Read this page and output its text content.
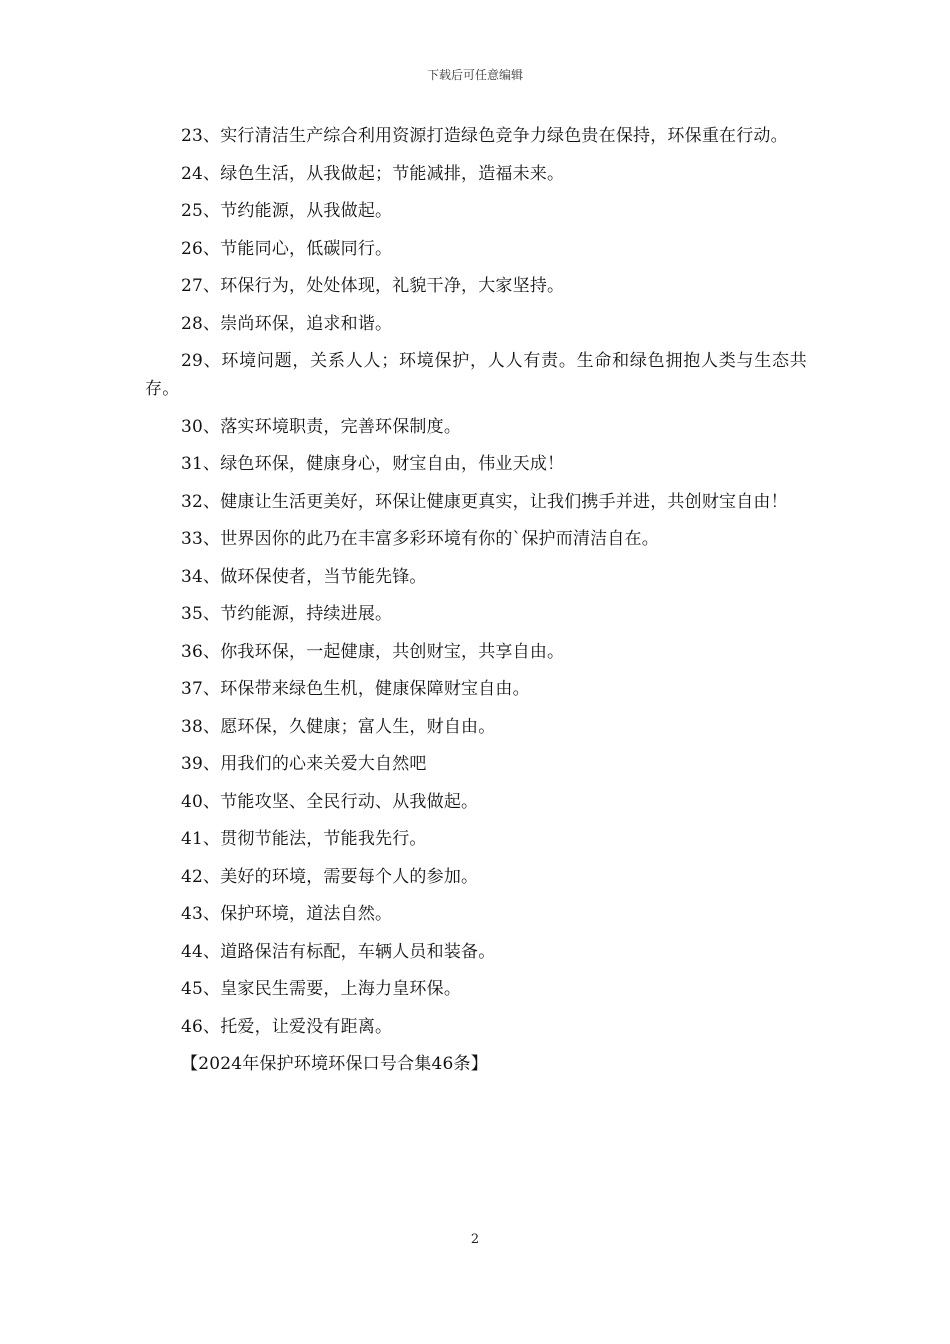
下载后可任意编辑

23、实行清洁生产综合利用资源打造绿色竞争力绿色贵在保持，环保重在行动。

24、绿色生活，从我做起；节能减排，造福未来。

25、节约能源，从我做起。

26、节能同心，低碳同行。

27、环保行为，处处体现，礼貌干净，大家坚持。

28、崇尚环保，追求和谐。

29、环境问题，关系人人；环境保护，人人有责。生命和绿色拥抱人类与生态共存。

30、落实环境职责，完善环保制度。

31、绿色环保，健康身心，财宝自由，伟业天成！

32、健康让生活更美好，环保让健康更真实，让我们携手并进，共创财宝自由！

33、世界因你的此乃在丰富多彩环境有你的`保护而清洁自在。

34、做环保使者，当节能先锋。

35、节约能源，持续进展。

36、你我环保，一起健康，共创财宝，共享自由。

37、环保带来绿色生机，健康保障财宝自由。

38、愿环保，久健康；富人生，财自由。

39、用我们的心来关爱大自然吧

40、节能攻坚、全民行动、从我做起。

41、贯彻节能法，节能我先行。

42、美好的环境，需要每个人的参加。

43、保护环境，道法自然。

44、道路保洁有标配，车辆人员和装备。

45、皇家民生需要，上海力皇环保。

46、托爱，让爱没有距离。

【2024年保护环境环保口号合集46条】

2
